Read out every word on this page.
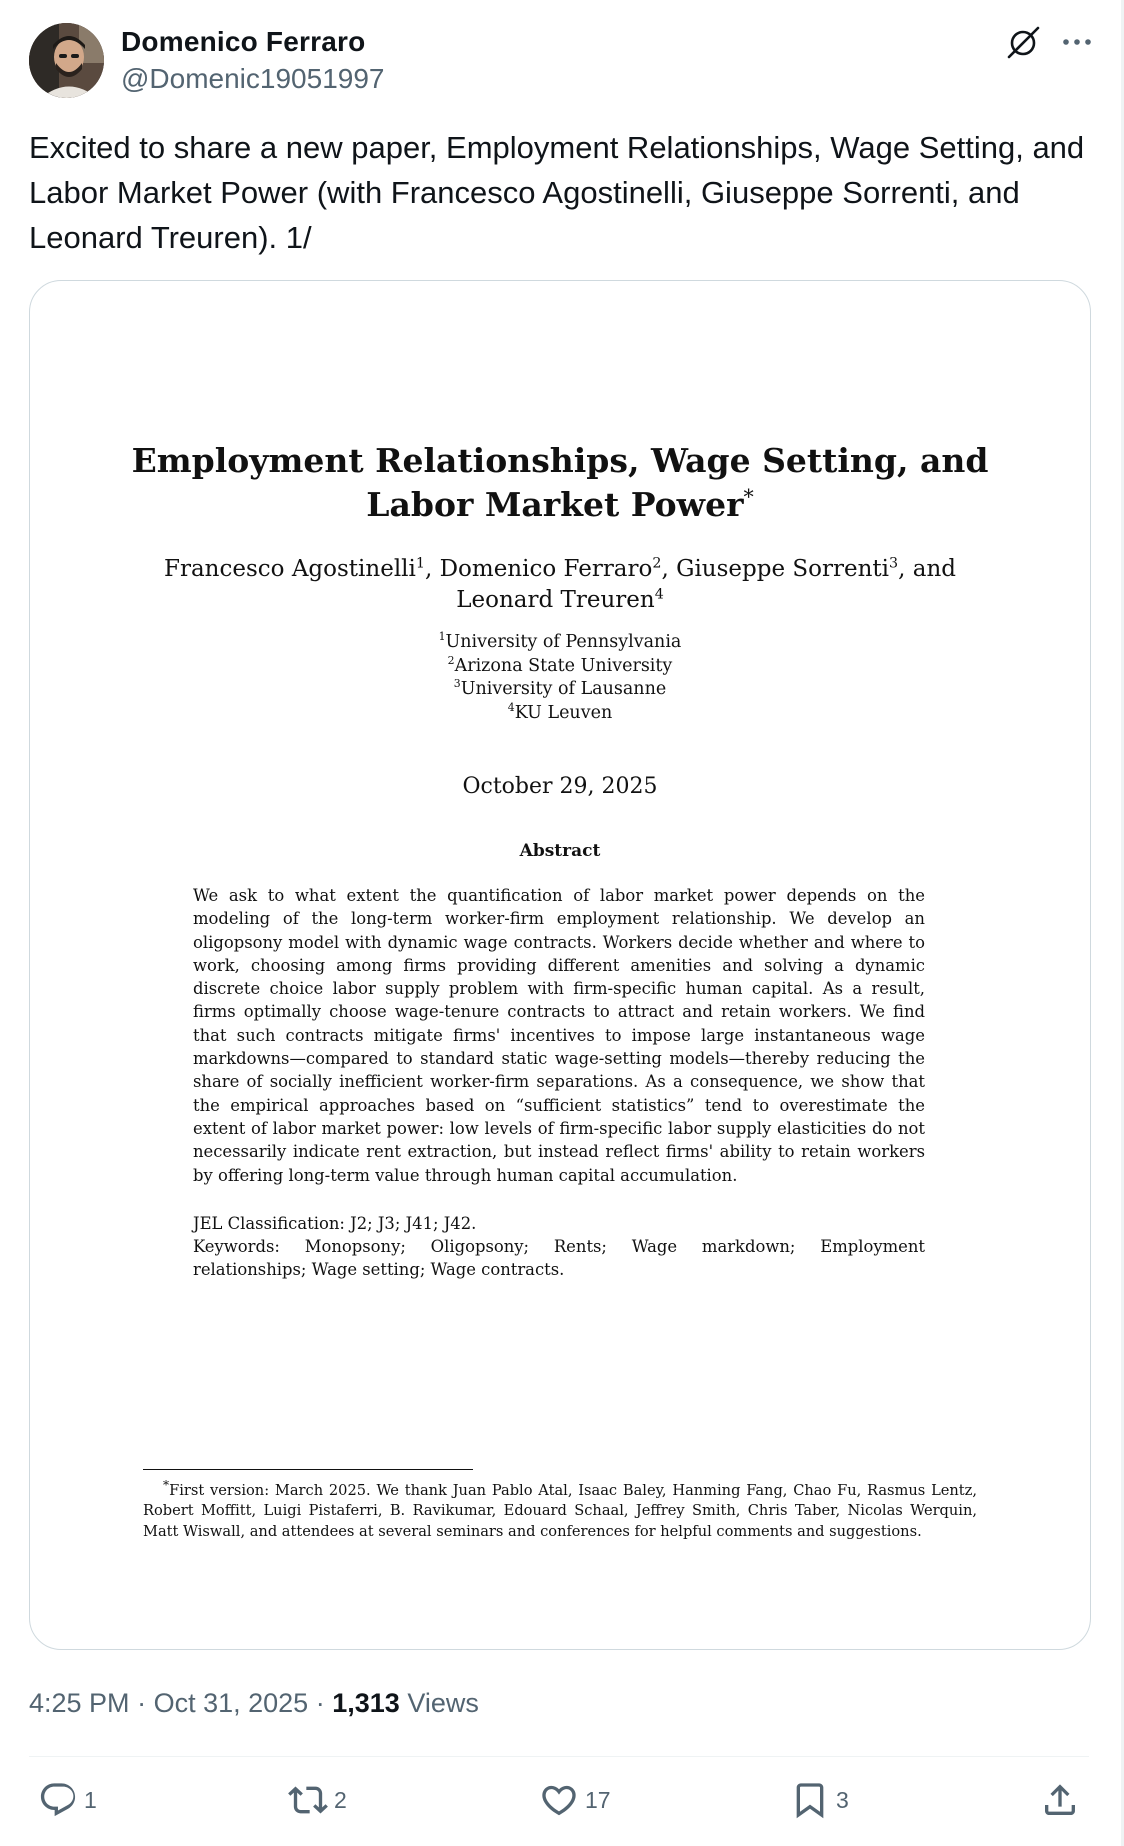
Domenico Ferraro
@Domenic19051997
Excited to share a new paper, Employment Relationships, Wage Setting, and Labor Market Power (with Francesco Agostinelli, Giuseppe Sorrenti, and Leonard Treuren). 1/
Employment Relationships, Wage Setting, and Labor Market Power*
Francesco Agostinelli$^1$, Domenico Ferraro$^2$, Giuseppe Sorrenti$^3$, and Leonard Treuren$^4$
$^1$University of Pennsylvania
$^2$Arizona State University
$^3$University of Lausanne
$^4$KU Leuven
October 29, 2025
Abstract
We ask to what extent the quantification of labor market power depends on the modeling of the long-term worker-firm employment relationship. We develop an oligopsony model with dynamic wage contracts. Workers decide whether and where to work, choosing among firms providing different amenities and solving a dynamic discrete choice labor supply problem with firm-specific human capital. As a result, firms optimally choose wage-tenure contracts to attract and retain workers. We find that such contracts mitigate firms' incentives to impose large instantaneous wage markdowns—compared to standard static wage-setting models—thereby reducing the share of socially inefficient worker-firm separations. As a consequence, we show that the empirical approaches based on “sufficient statistics” tend to overestimate the extent of labor market power: low levels of firm-specific labor supply elasticities do not necessarily indicate rent extraction, but instead reflect firms' ability to retain workers by offering long-term value through human capital accumulation.
JEL Classification: J2; J3; J41; J42.
Keywords: Monopsony; Oligopsony; Rents; Wage markdown; Employment relationships; Wage setting; Wage contracts.
*First version: March 2025. We thank Juan Pablo Atal, Isaac Baley, Hanming Fang, Chao Fu, Rasmus Lentz, Robert Moffitt, Luigi Pistaferri, B. Ravikumar, Edouard Schaal, Jeffrey Smith, Chris Taber, Nicolas Werquin, Matt Wiswall, and attendees at several seminars and conferences for helpful comments and suggestions.
4:25 PM · Oct 31, 2025 · 1,313 Views
1	2	17	3
